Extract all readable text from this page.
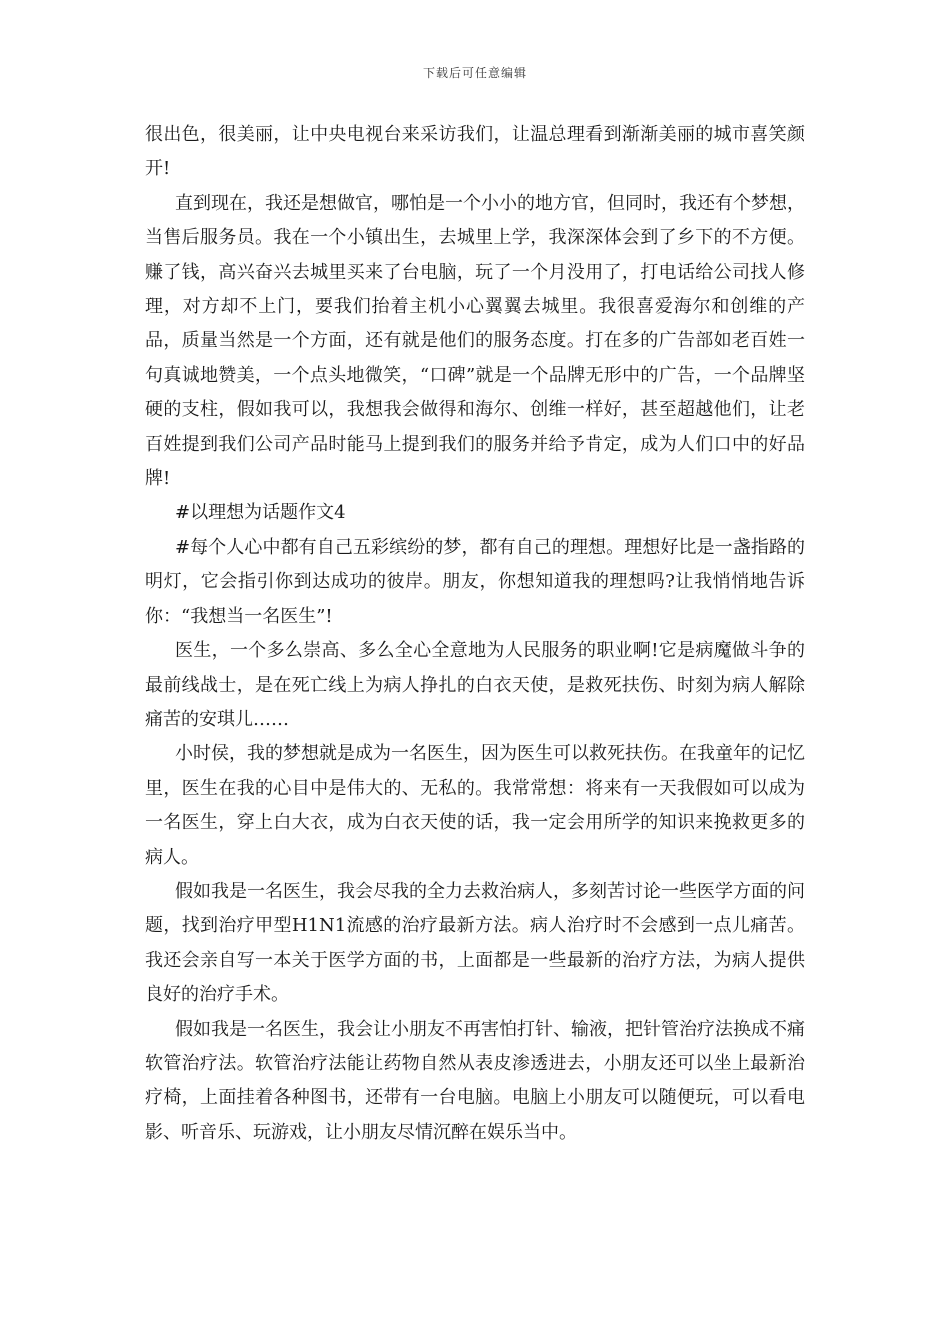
下载后可任意编辑

很出色，很美丽，让中央电视台来采访我们，让温总理看到渐渐美丽的城市喜笑颜开!

直到现在，我还是想做官，哪怕是一个小小的地方官，但同时，我还有个梦想，当售后服务员。我在一个小镇出生，去城里上学，我深深体会到了乡下的不方便。赚了钱，高兴奋兴去城里买来了台电脑，玩了一个月没用了，打电话给公司找人修理，对方却不上门，要我们抬着主机小心翼翼去城里。我很喜爱海尔和创维的产品，质量当然是一个方面，还有就是他们的服务态度。打在多的广告部如老百姓一句真诚地赞美，一个点头地微笑，“口碑”就是一个品牌无形中的广告，一个品牌坚硬的支柱，假如我可以，我想我会做得和海尔、创维一样好，甚至超越他们，让老百姓提到我们公司产品时能马上提到我们的服务并给予肯定，成为人们口中的好品牌!

#以理想为话题作文4

#每个人心中都有自己五彩缤纷的梦，都有自己的理想。理想好比是一盏指路的明灯，它会指引你到达成功的彼岸。朋友，你想知道我的理想吗?让我悄悄地告诉你：“我想当一名医生”!

医生，一个多么崇高、多么全心全意地为人民服务的职业啊!它是病魔做斗争的最前线战士，是在死亡线上为病人挣扎的白衣天使，是救死扶伤、时刻为病人解除痛苦的安琪儿……

小时侯，我的梦想就是成为一名医生，因为医生可以救死扶伤。在我童年的记忆里，医生在我的心目中是伟大的、无私的。我常常想：将来有一天我假如可以成为一名医生，穿上白大衣，成为白衣天使的话，我一定会用所学的知识来挽救更多的病人。

假如我是一名医生，我会尽我的全力去救治病人，多刻苦讨论一些医学方面的问题，找到治疗甲型H1N1流感的治疗最新方法。病人治疗时不会感到一点儿痛苦。我还会亲自写一本关于医学方面的书，上面都是一些最新的治疗方法，为病人提供良好的治疗手术。

假如我是一名医生，我会让小朋友不再害怕打针、输液，把针管治疗法换成不痛软管治疗法。软管治疗法能让药物自然从表皮渗透进去，小朋友还可以坐上最新治疗椅，上面挂着各种图书，还带有一台电脑。电脑上小朋友可以随便玩，可以看电影、听音乐、玩游戏，让小朋友尽情沉醉在娱乐当中。
